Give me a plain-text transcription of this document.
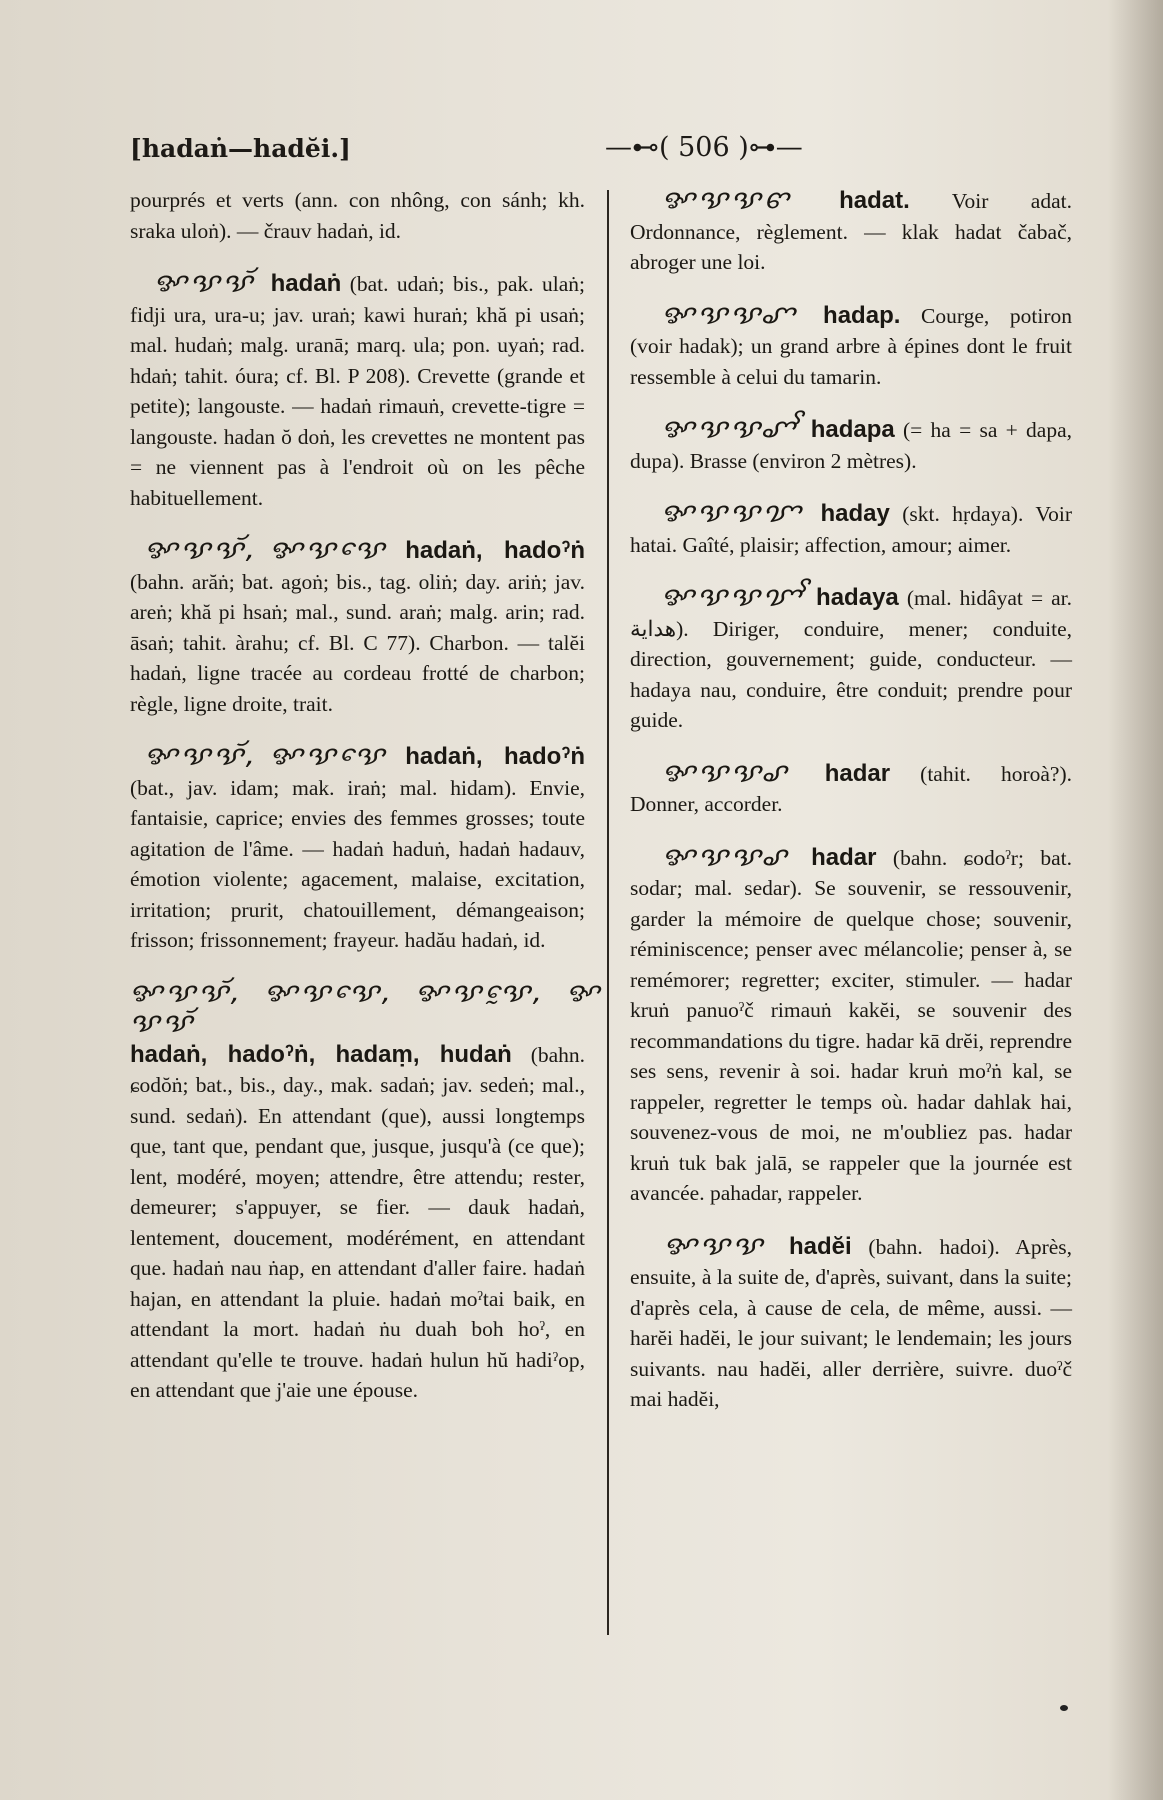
[hadaṅ—hadĕi.]	—⊷( 506 )⊶—
pourprés et verts (ann. con nhông, con sánh; kh. sraka uloṅ). — črauv hadaṅ, id.
ꨀꨕꨕꨮ hadaṅ (bat. udaṅ; bis., pak. ulaṅ; fidji ura, ura-u; jav. uraṅ; kawi huraṅ; khă pi usaṅ; mal. hudaṅ; malg. uranā; marq. ula; pon. uyaṅ; rad. hdaṅ; tahit. óura; cf. Bl. P 208). Crevette (grande et petite); langouste. — hadaṅ rimauṅ, crevette-tigre = langouste. hadan ŏ doṅ, les crevettes ne montent pas = ne viennent pas à l'endroit où on les pêche habituellement.
ꨀꨕꨕꨮ, ꨀꨕꨕꨯ hadaṅ, hadoˀṅ (bahn. arăṅ; bat. agoṅ; bis., tag. oliṅ; day. ariṅ; jav. areṅ; khă pi hsaṅ; mal., sund. araṅ; malg. arin; rad. āsaṅ; tahit. àrahu; cf. Bl. C 77). Charbon. — talĕi hadaṅ, ligne tracée au cordeau frotté de charbon; règle, ligne droite, trait.
ꨀꨕꨕꨮ, ꨀꨕꨕꨯ hadaṅ, hadoˀṅ (bat., jav. idam; mak. iraṅ; mal. hidam). Envie, fantaisie, caprice; envies des femmes grosses; toute agitation de l'âme. — hadaṅ haduṅ, hadaṅ hadauv, émotion violente; agacement, malaise, excitation, irritation; prurit, chatouillement, démangeaison; frisson; frissonnement; frayeur. hadău hadaṅ, id.
ꨀꨕꨕꨮ, ꨀꨕꨕꨯ, ꨀꨕꨕꨰ, ꨀꨕꨕꨮ hadaṅ, hadoˀṅ, hadaṃ, hudaṅ (bahn. ɕodŏṅ; bat., bis., day., mak. sadaṅ; jav. sedeṅ; mal., sund. sedaṅ). En attendant (que), aussi longtemps que, tant que, pendant que, jusque, jusqu'à (ce que); lent, modéré, moyen; attendre, être attendu; rester, demeurer; s'appuyer, se fier. — dauk hadaṅ, lentement, doucement, modérément, en attendant que. hadaṅ nau ṅap, en attendant d'aller faire. hadaṅ hajan, en attendant la pluie. hadaṅ moˀtai baik, en attendant la mort. hadaṅ ṅu duah boh hoˀ, en attendant qu'elle te trouve. hadaṅ hulun hŭ hadiˀop, en attendant que j'aie une épouse.
ꨀꨕꨕꨓ hadat. Voir adat. Ordonnance, règlement. — klak hadat čabač, abroger une loi.
ꨀꨕꨕꨚ hadap. Courge, potiron (voir hadak); un grand arbre à épines dont le fruit ressemble à celui du tamarin.
ꨀꨕꨕꨚꨩ hadapa (= ha = sa + dapa, dupa). Brasse (environ 2 mètres).
ꨀꨕꨕꨢ haday (skt. hṛdaya). Voir hatai. Gaîté, plaisir; affection, amour; aimer.
ꨀꨕꨕꨢꨩ hadaya (mal. hidâyat = ar. هداية). Diriger, conduire, mener; conduite, direction, gouvernement; guide, conducteur. — hadaya nau, conduire, être conduit; prendre pour guide.
ꨀꨕꨕꨣ hadar (tahit. horoà?). Donner, accorder.
ꨀꨕꨕꨣ hadar (bahn. ɕodoˀr; bat. sodar; mal. sedar). Se souvenir, se ressouvenir, garder la mémoire de quelque chose; souvenir, réminiscence; penser avec mélancolie; penser à, se remémorer; regretter; exciter, stimuler. — hadar kruṅ panuoˀč rimauṅ kakĕi, se souvenir des recommandations du tigre. hadar kā drĕi, reprendre ses sens, revenir à soi. hadar kruṅ moˀṅ kal, se rappeler, regretter le temps où. hadar dahlak hai, souvenez-vous de moi, ne m'oubliez pas. hadar kruṅ tuk bak jalā, se rappeler que la journée est avancée. pahadar, rappeler.
ꨀꨕꨕ hadĕi (bahn. hadoi). Après, ensuite, à la suite de, d'après, suivant, dans la suite; d'après cela, à cause de cela, de même, aussi. — harĕi hadĕi, le jour suivant; le lendemain; les jours suivants. nau hadĕi, aller derrière, suivre. duoˀč mai hadĕi,
